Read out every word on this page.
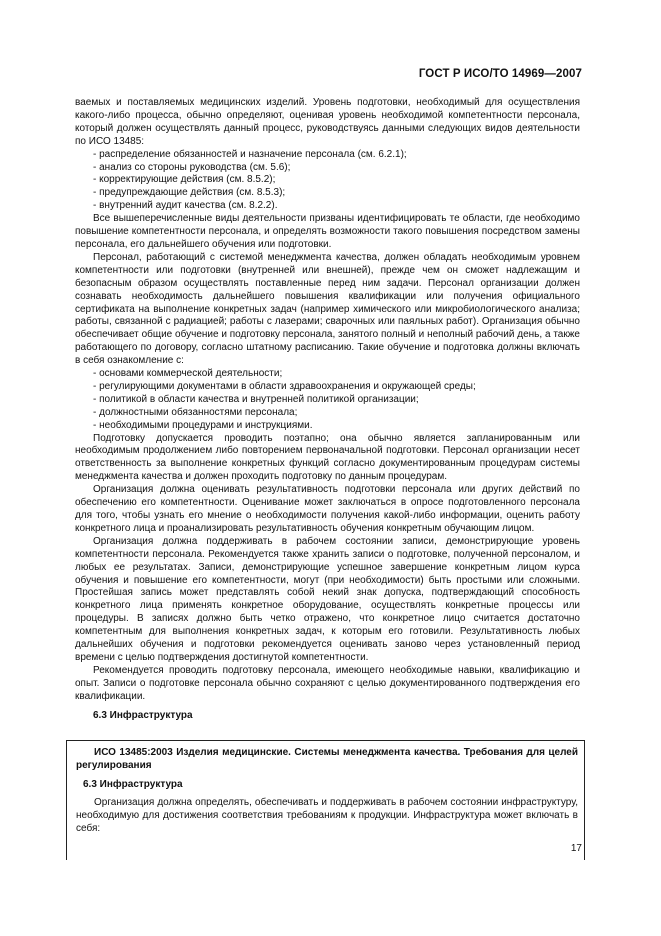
ГОСТ Р ИСО/ТО 14969—2007

ваемых и поставляемых медицинских изделий. Уровень подготовки, необходимый для осуществления какого-либо процесса, обычно определяют, оценивая уровень необходимой компетентности персонала, который должен осуществлять данный процесс, руководствуясь данными следующих видов деятельности по ИСО 13485:

- распределение обязанностей и назначение персонала (см. 6.2.1);

- анализ со стороны руководства (см. 5.6);

- корректирующие действия (см. 8.5.2);

- предупреждающие действия (см. 8.5.3);

- внутренний аудит качества (см. 8.2.2).

Все вышеперечисленные виды деятельности призваны идентифицировать те области, где необходимо повышение компетентности персонала, и определять возможности такого повышения посредством замены персонала, его дальнейшего обучения или подготовки.

Персонал, работающий с системой менеджмента качества, должен обладать необходимым уровнем компетентности или подготовки (внутренней или внешней), прежде чем он сможет надлежащим и безопасным образом осуществлять поставленные перед ним задачи. Персонал организации должен сознавать необходимость дальнейшего повышения квалификации или получения официального сертификата на выполнение конкретных задач (например химического или микробиологического анализа; работы, связанной с радиацией; работы с лазерами; сварочных или паяльных работ). Организация обычно обеспечивает общие обучение и подготовку персонала, занятого полный и неполный рабочий день, а также работающего по договору, согласно штатному расписанию. Такие обучение и подготовка должны включать в себя ознакомление с:

- основами коммерческой деятельности;

- регулирующими документами в области здравоохранения и окружающей среды;

- политикой в области качества и внутренней политикой организации;

- должностными обязанностями персонала;

- необходимыми процедурами и инструкциями.

Подготовку допускается проводить поэтапно; она обычно является запланированным или необходимым продолжением либо повторением первоначальной подготовки. Персонал организации несет ответственность за выполнение конкретных функций согласно документированным процедурам системы менеджмента качества и должен проходить подготовку по данным процедурам.

Организация должна оценивать результативность подготовки персонала или других действий по обеспечению его компетентности. Оценивание может заключаться в опросе подготовленного персонала для того, чтобы узнать его мнение о необходимости получения какой-либо информации, оценить работу конкретного лица и проанализировать результативность обучения конкретным обучающим лицом.

Организация должна поддерживать в рабочем состоянии записи, демонстрирующие уровень компетентности персонала. Рекомендуется также хранить записи о подготовке, полученной персоналом, и любых ее результатах. Записи, демонстрирующие успешное завершение конкретным лицом курса обучения и повышение его компетентности, могут (при необходимости) быть простыми или сложными. Простейшая запись может представлять собой некий знак допуска, подтверждающий способность конкретного лица применять конкретное оборудование, осуществлять конкретные процессы или процедуры. В записях должно быть четко отражено, что конкретное лицо считается достаточно компетентным для выполнения конкретных задач, к которым его готовили. Результативность любых дальнейших обучения и подготовки рекомендуется оценивать заново через установленный период времени с целью подтверждения достигнутой компетентности.

Рекомендуется проводить подготовку персонала, имеющего необходимые навыки, квалификацию и опыт. Записи о подготовке персонала обычно сохраняют с целью документированного подтверждения его квалификации.

6.3 Инфраструктура

ИСО 13485:2003 Изделия медицинские. Системы менеджмента качества. Требования для целей регулирования

6.3 Инфраструктура

Организация должна определять, обеспечивать и поддерживать в рабочем состоянии инфраструктуру, необходимую для достижения соответствия требованиям к продукции. Инфраструктура может включать в себя:

17
